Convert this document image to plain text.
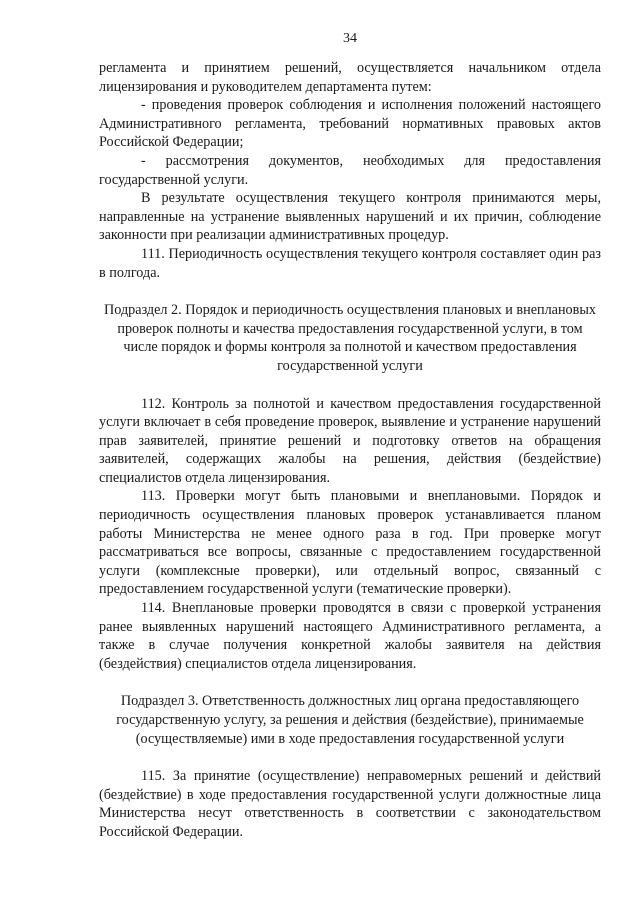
34

регламента и принятием решений, осуществляется начальником отдела лицензирования и руководителем департамента путем:

- проведения проверок соблюдения и исполнения положений настоящего Административного регламента, требований нормативных правовых актов Российской Федерации;

- рассмотрения документов, необходимых для предоставления государственной услуги.

В результате осуществления текущего контроля принимаются меры, направленные на устранение выявленных нарушений и их причин, соблюдение законности при реализации административных процедур.

111. Периодичность осуществления текущего контроля составляет один раз в полгода.

Подраздел 2. Порядок и периодичность осуществления плановых и внеплановых проверок полноты и качества предоставления государственной услуги, в том числе порядок и формы контроля за полнотой и качеством предоставления государственной услуги

112. Контроль за полнотой и качеством предоставления государственной услуги включает в себя проведение проверок, выявление и устранение нарушений прав заявителей, принятие решений и подготовку ответов на обращения заявителей, содержащих жалобы на решения, действия (бездействие) специалистов отдела лицензирования.

113. Проверки могут быть плановыми и внеплановыми. Порядок и периодичность осуществления плановых проверок устанавливается планом работы Министерства не менее одного раза в год. При проверке могут рассматриваться все вопросы, связанные с предоставлением государственной услуги (комплексные проверки), или отдельный вопрос, связанный с предоставлением государственной услуги (тематические проверки).

114. Внеплановые проверки проводятся в связи с проверкой устранения ранее выявленных нарушений настоящего Административного регламента, а также в случае получения конкретной жалобы заявителя на действия (бездействия) специалистов отдела лицензирования.

Подраздел 3. Ответственность должностных лиц органа предоставляющего государственную услугу, за решения и действия (бездействие), принимаемые (осуществляемые) ими в ходе предоставления государственной услуги

115. За принятие (осуществление) неправомерных решений и действий (бездействие) в ходе предоставления государственной услуги должностные лица Министерства несут ответственность в соответствии с законодательством Российской Федерации.
